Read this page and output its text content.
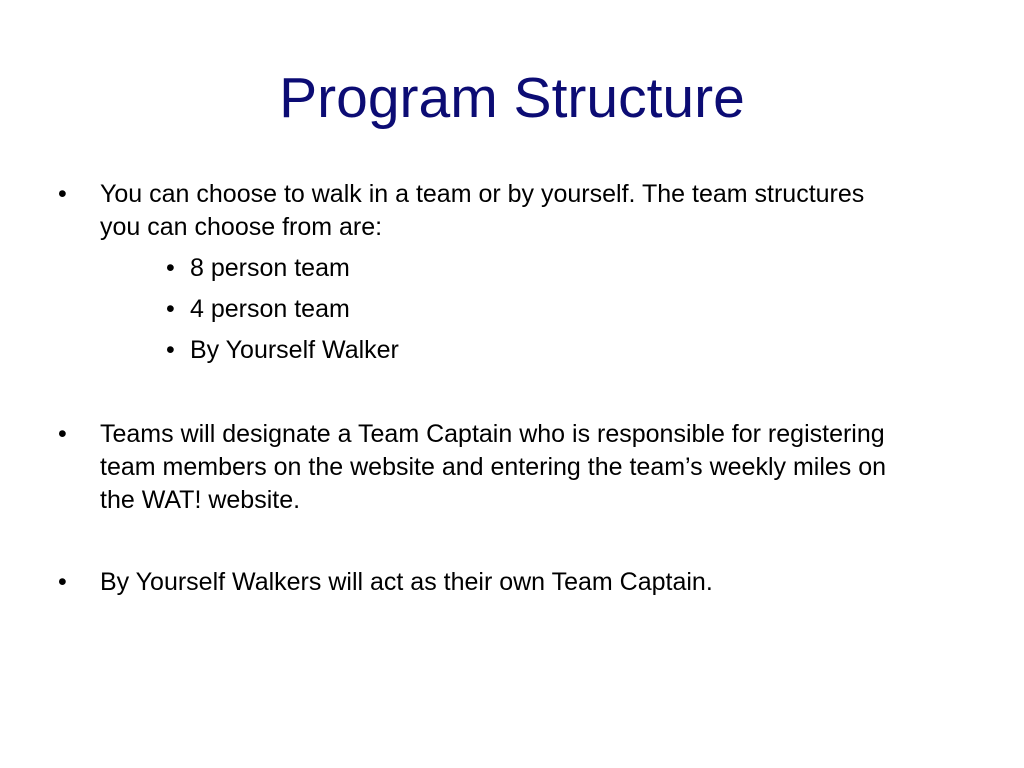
Program Structure
•	You can choose to walk in a team or by yourself. The team structures you can choose from are:
• 8 person team
• 4 person team
• By Yourself Walker
•	Teams will designate a Team Captain who is responsible for registering team members on the website and entering the team’s weekly miles on the WAT! website.
•	By Yourself Walkers will act as their own Team Captain.
